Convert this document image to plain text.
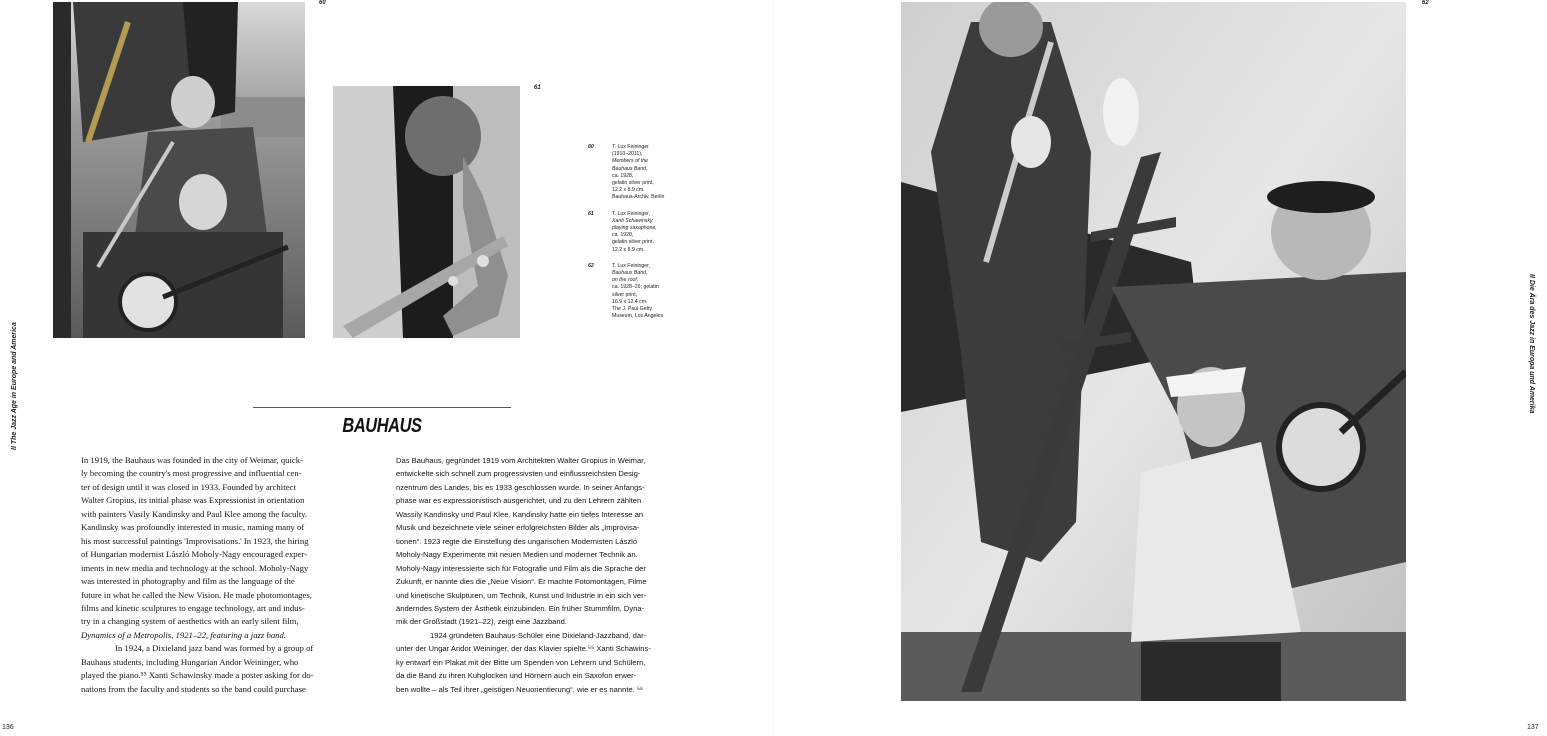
60
61
60	T. Lux Feininger
(1910–2011),
Members of the
Bauhaus Band,
ca. 1928,
gelatin silver print,
12.2 x 8.9 cm.
Bauhaus-Archiv, Berlin
61	T. Lux Feininger,
Xanti Schawinsky
playing saxophone,
ca. 1928,
gelatin silver print,
12.2 x 8.9 cm.
62	T. Lux Feininger,
Bauhaus Band,
on the roof,
ca. 1928–29, gelatin
silver print,
16.9 x 12.4 cm.
The J. Paul Getty
Museum, Los Angeles
BAUHAUS
In 1919, the Bauhaus was founded in the city of Weimar, quick-
ly becoming the country's most progressive and influential cen-
ter of design until it was closed in 1933. Founded by architect
Walter Gropius, its initial phase was Expressionist in orientation
with painters Vasily Kandinsky and Paul Klee among the faculty.
Kandinsky was profoundly interested in music, naming many of
his most successful paintings 'Improvisations.' In 1923, the hiring
of Hungarian modernist László Moholy-Nagy encouraged exper-
iments in new media and technology at the school. Moholy-Nagy
was interested in photography and film as the language of the
future in what he called the New Vision. He made photomontages,
films and kinetic sculptures to engage technology, art and indus-
try in a changing system of aesthetics with an early silent film,
Dynamics of a Metropolis, 1921–22, featuring a jazz band.
In 1924, a Dixieland jazz band was formed by a group of
Bauhaus students, including Hungarian Andor Weininger, who
played the piano.⁵⁵ Xanti Schawinsky made a poster asking for do-
nations from the faculty and students so the band could purchase
Das Bauhaus, gegründet 1919 vom Architekten Walter Gropius in Weimar,
entwickelte sich schnell zum progressivsten und einflussreichsten Desig-
nzentrum des Landes, bis es 1933 geschlossen wurde. In seiner Anfangs-
phase war es expressionistisch ausgerichtet, und zu den Lehrern zählten
Wassily Kandinsky und Paul Klee. Kandinsky hatte ein tiefes Interesse an
Musik und bezeichnete viele seiner erfolgreichsten Bilder als „Improvisa-
tionen“. 1923 regte die Einstellung des ungarischen Modernisten László
Moholy-Nagy Experimente mit neuen Medien und moderner Technik an.
Moholy-Nagy interessierte sich für Fotografie und Film als die Sprache der
Zukunft, er nannte dies die „Neue Vision“. Er machte Fotomontagen, Filme
und kinetische Skulpturen, um Technik, Kunst und Industrie in ein sich ver-
änderndes System der Ästhetik einzubinden. Ein früher Stummfilm, Dyna-
mik der Großstadt (1921–22), zeigt eine Jazzband.
1924 gründeten Bauhaus-Schüler eine Dixieland-Jazzband, dar-
unter der Ungar Andor Weininger, der das Klavier spielte.⁵⁵ Xanti Schawins-
ky entwarf ein Plakat mit der Bitte um Spenden von Lehrern und Schülern,
da die Band zu ihren Kuhglocken und Hörnern auch ein Saxofon erwer-
ben wollte – als Teil ihrer „geistigen Neuorientierung“, wie er es nannte. ⁵⁶
136	137
II The Jazz Age in Europe and America	II Die Ära des Jazz in Europa und Amerika
62
